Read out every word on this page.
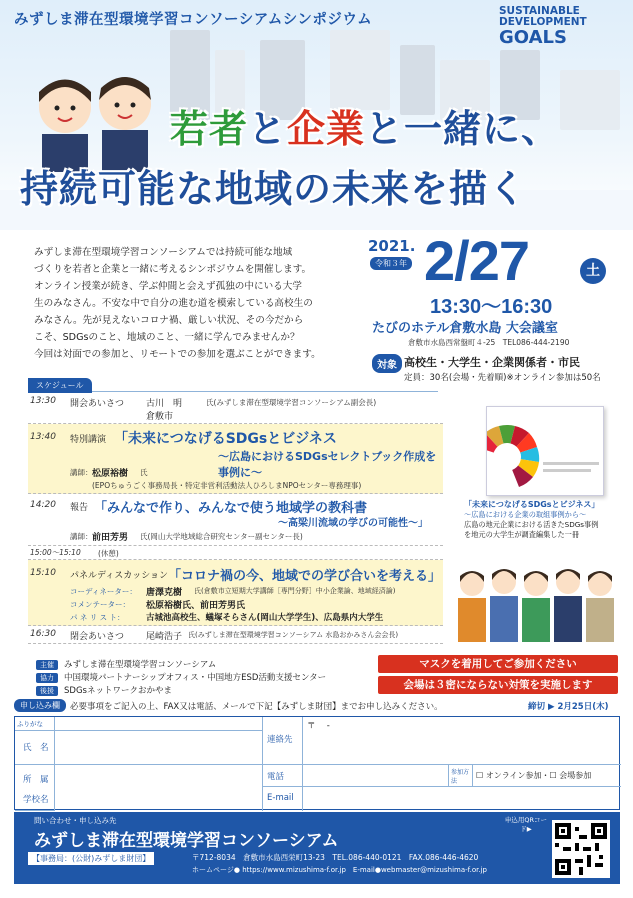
みずしま滞在型環境学習コンソーシアムシンポジウム
SUSTAINABLE
DEVELOPMENT
GOALS
若者と企業と一緒に、
持続可能な地域の未来を描く
みずしま滞在型環境学習コンソーシアムでは持続可能な地域
づくりを若者と企業と一緒に考えるシンポジウムを開催します。
オンライン授業が続き、学ぶ仲間と会えず孤独の中にいる大学
生のみなさん。不安な中で自分の進む道を模索している高校生の
みなさん。先が見えないコロナ禍、厳しい状況、その今だから
こそ、SDGsのこと、地域のこと、一緒に学んでみませんか？
今回は対面での参加と、リモートでの参加を選ぶことができます。
2021.
令和３年 2/27	土
13:30～16:30
たびのホテル倉敷水島 大会議室
倉敷市水島西常盤町４-25　TEL086-444-2190
対象 高校生・大学生・企業関係者・市民
定員：30名(会場・先着順)※オンライン参加は50名
スケジュール
13:30 開会あいさつ 古川　明	氏(みずしま滞在型環境学習コンソーシアム副会長)
倉敷市
13:40 特別講演 「未来につなげるSDGsとビジネス
～広島におけるSDGsセレクトブック作成を事例に～
講師： 松原裕樹 氏
(EPOちゅうごく事務局長・特定非営利活動法人ひろしまNPOセンター専務理事)
14:20 報告 「みんなで作り、みんなで使う地域学の教科書
～高梁川流域の学びの可能性～」
講師： 前田芳男 氏(岡山大学地域総合研究センター副センター長)
15:00～15:10 (休憩)
15:10 パネルディスカッション 「コロナ禍の今、地域での学び合いを考える」
コーディネーター： 唐澤克樹 氏(倉敷市立短期大学講師［専門分野］中小企業論、地域経済論)
コメンテーター： 松原裕樹氏、前田芳男氏
パ ネ リ ス ト：	古城池高校生、蟻塚そらさん(岡山大学学生)、広島県内大学生
16:30 閉会あいさつ 尾崎浩子 氏(みずしま滞在型環境学習コンソーシアム 水島おかみさん会会長)
「未来につなげるSDGsとビジネス」
～広島における企業の取組事例から～
広島の地元企業における活きたSDGs事例
を地元の大学生が調査編集した一冊
主催 みずしま滞在型環境学習コンソーシアム
協力 中国環境パートナーシップオフィス・中国地方ESD活動支援センター
後援 SDGsネットワークおかやま
マスクを着用してご参加ください
会場は３密にならない対策を実施します
申し込み欄	必要事項をご記入の上、FAX又は電話、メールで下記【みずしま財団】までお申し込みください。	締切 ▶ 2月25日(木)
ふりがな
氏　名
所　属
学校名
連絡先
〒　 -
電話	参加方法
☐ オンライン参加・☐ 会場参加
E-mail
問い合わせ・申し込み先
みずしま滞在型環境学習コンソーシアム
【事務局：(公財)みずしま財団】	〒712-8034　倉敷市水島西栄町13-23　TEL.086-440-0121　FAX.086-446-4620
ホームページ● https://www.mizushima-f.or.jp　E-mail●webmaster@mizushima-f.or.jp
申込用QRコード▶
